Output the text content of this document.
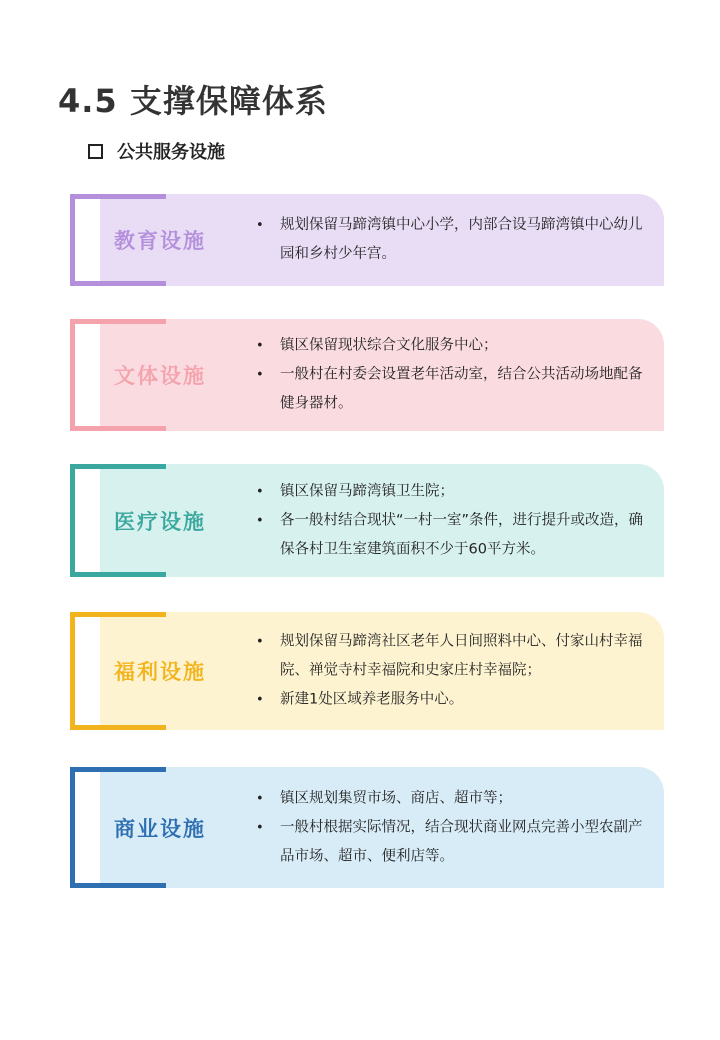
4.5 支撑保障体系
公共服务设施
教育设施
• 规划保留马蹄湾镇中心小学，内部合设马蹄湾镇中心幼儿园和乡村少年宫。
文体设施
• 镇区保留现状综合文化服务中心；
• 一般村在村委会设置老年活动室，结合公共活动场地配备健身器材。
医疗设施
• 镇区保留马蹄湾镇卫生院；
• 各一般村结合现状“一村一室”条件，进行提升或改造，确保各村卫生室建筑面积不少于60平方米。
福利设施
• 规划保留马蹄湾社区老年人日间照料中心、付家山村幸福院、禅觉寺村幸福院和史家庄村幸福院；
• 新建1处区域养老服务中心。
商业设施
• 镇区规划集贸市场、商店、超市等；
• 一般村根据实际情况，结合现状商业网点完善小型农副产品市场、超市、便利店等。
